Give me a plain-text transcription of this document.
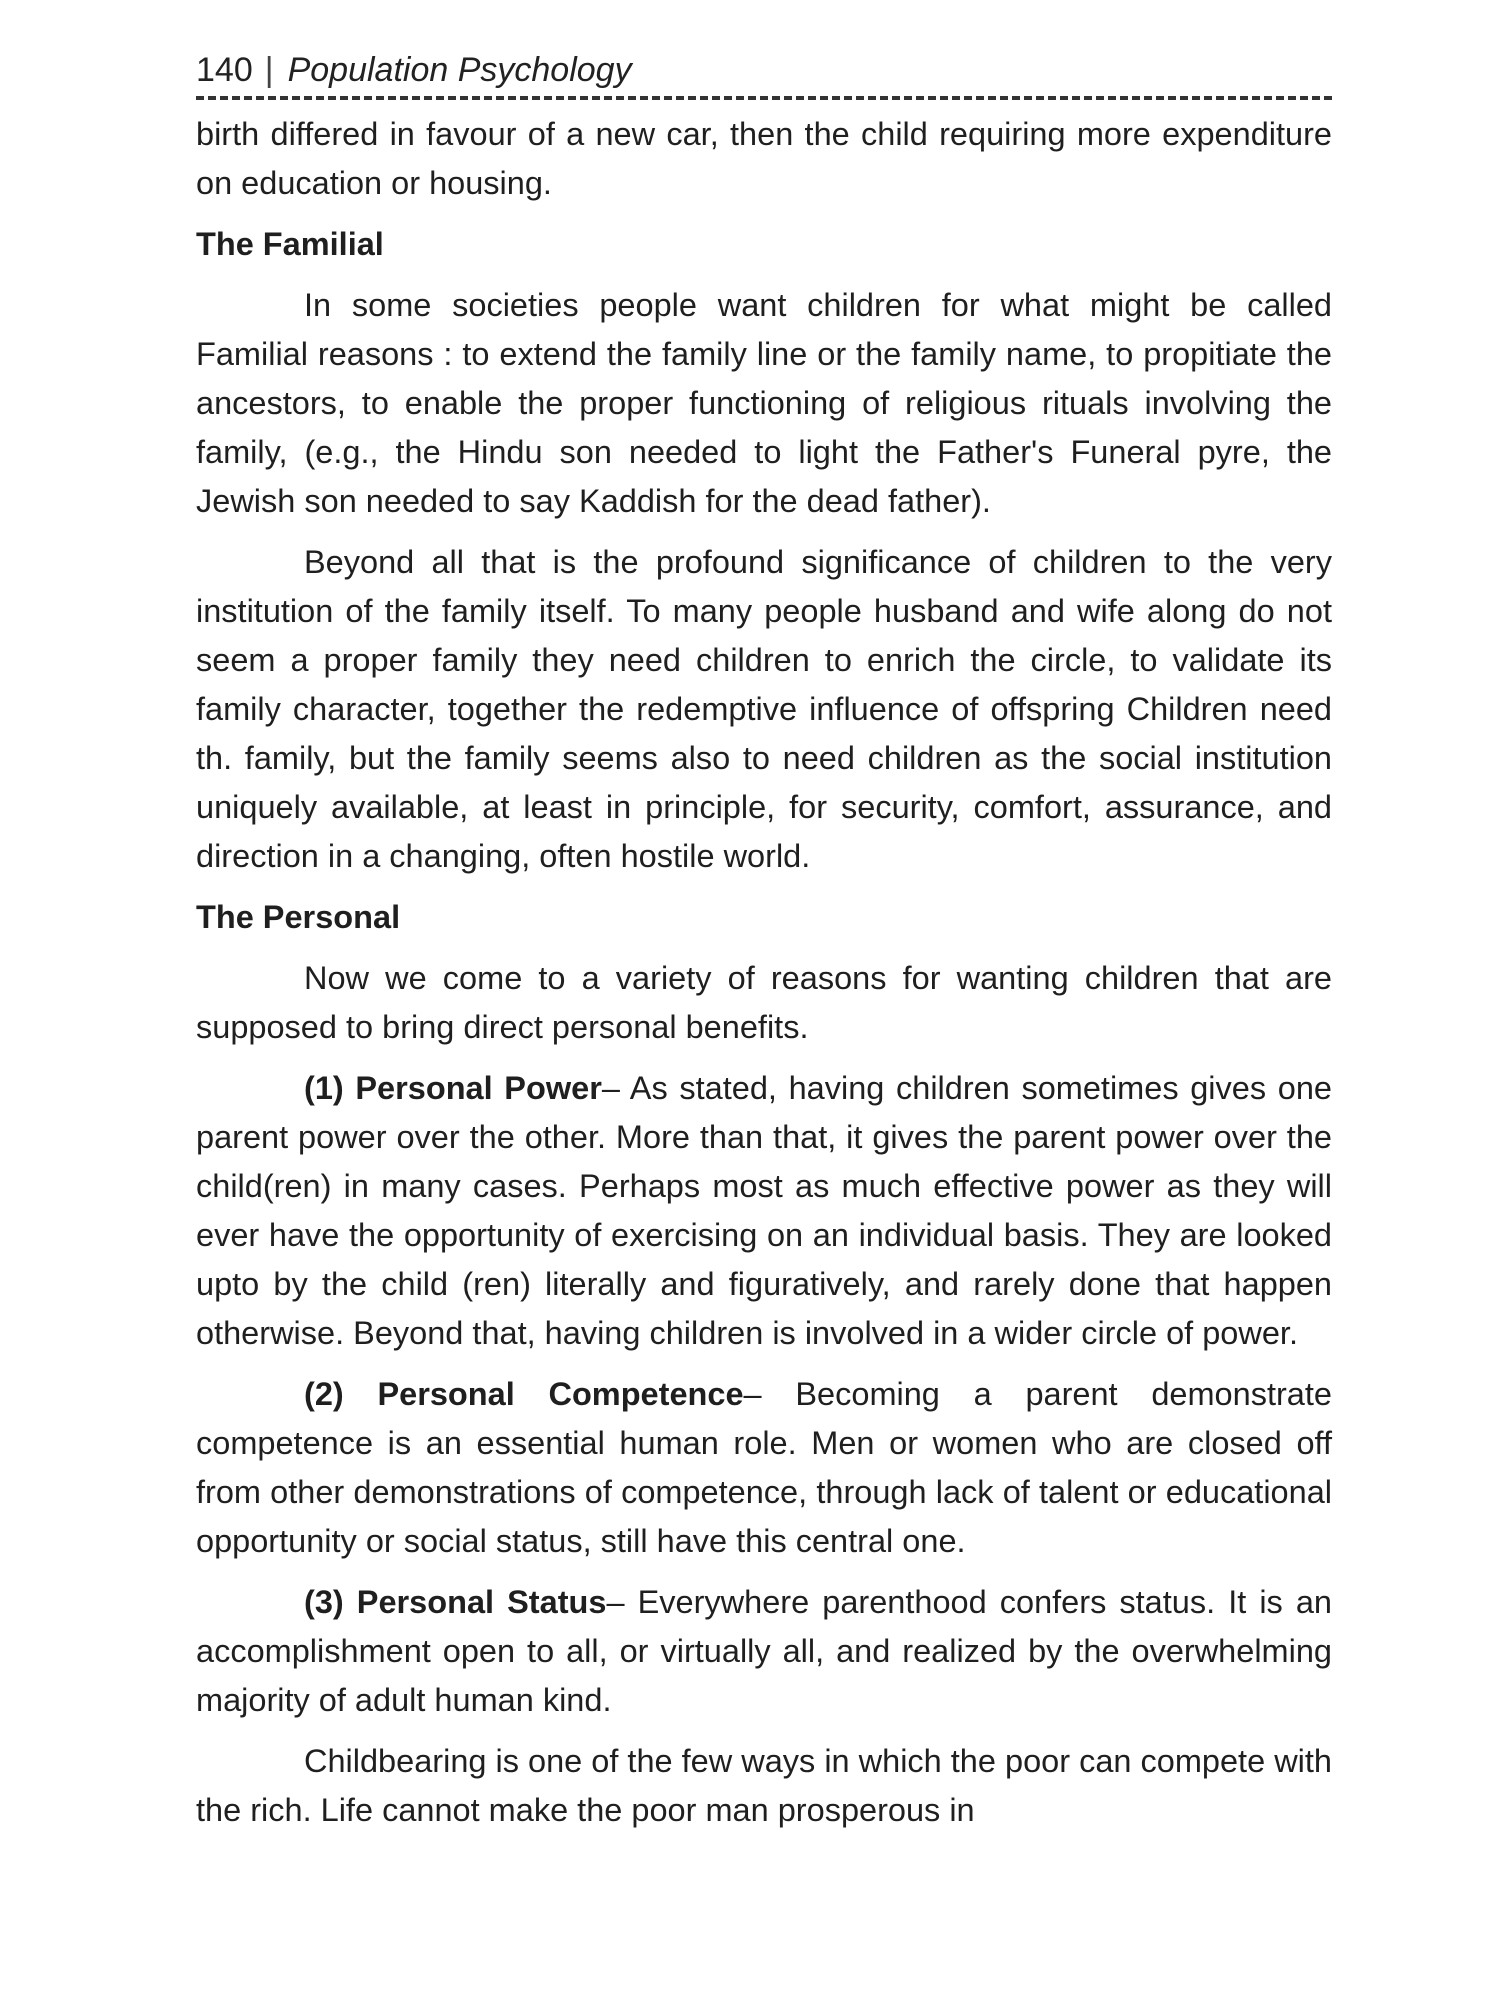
140 | Population Psychology

birth differed in favour of a new car, then the child requiring more expenditure on education or housing.

The Familial

In some societies people want children for what might be called Familial reasons : to extend the family line or the family name, to propitiate the ancestors, to enable the proper functioning of religious rituals involving the family, (e.g., the Hindu son needed to light the Father's Funeral pyre, the Jewish son needed to say Kaddish for the dead father).

Beyond all that is the profound significance of children to the very institution of the family itself. To many people husband and wife along do not seem a proper family they need children to enrich the circle, to validate its family character, together the redemptive influence of offspring Children need th. family, but the family seems also to need children as the social institution uniquely available, at least in principle, for security, comfort, assurance, and direction in a changing, often hostile world.

The Personal

Now we come to a variety of reasons for wanting children that are supposed to bring direct personal benefits.

(1) Personal Power– As stated, having children sometimes gives one parent power over the other. More than that, it gives the parent power over the child(ren) in many cases. Perhaps most as much effective power as they will ever have the opportunity of exercising on an individual basis. They are looked upto by the child (ren) literally and figuratively, and rarely done that happen otherwise. Beyond that, having children is involved in a wider circle of power.

(2) Personal Competence– Becoming a parent demonstrate competence is an essential human role. Men or women who are closed off from other demonstrations of competence, through lack of talent or educational opportunity or social status, still have this central one.

(3) Personal Status– Everywhere parenthood confers status. It is an accomplishment open to all, or virtually all, and realized by the overwhelming majority of adult human kind.

Childbearing is one of the few ways in which the poor can compete with the rich. Life cannot make the poor man prosperous in
